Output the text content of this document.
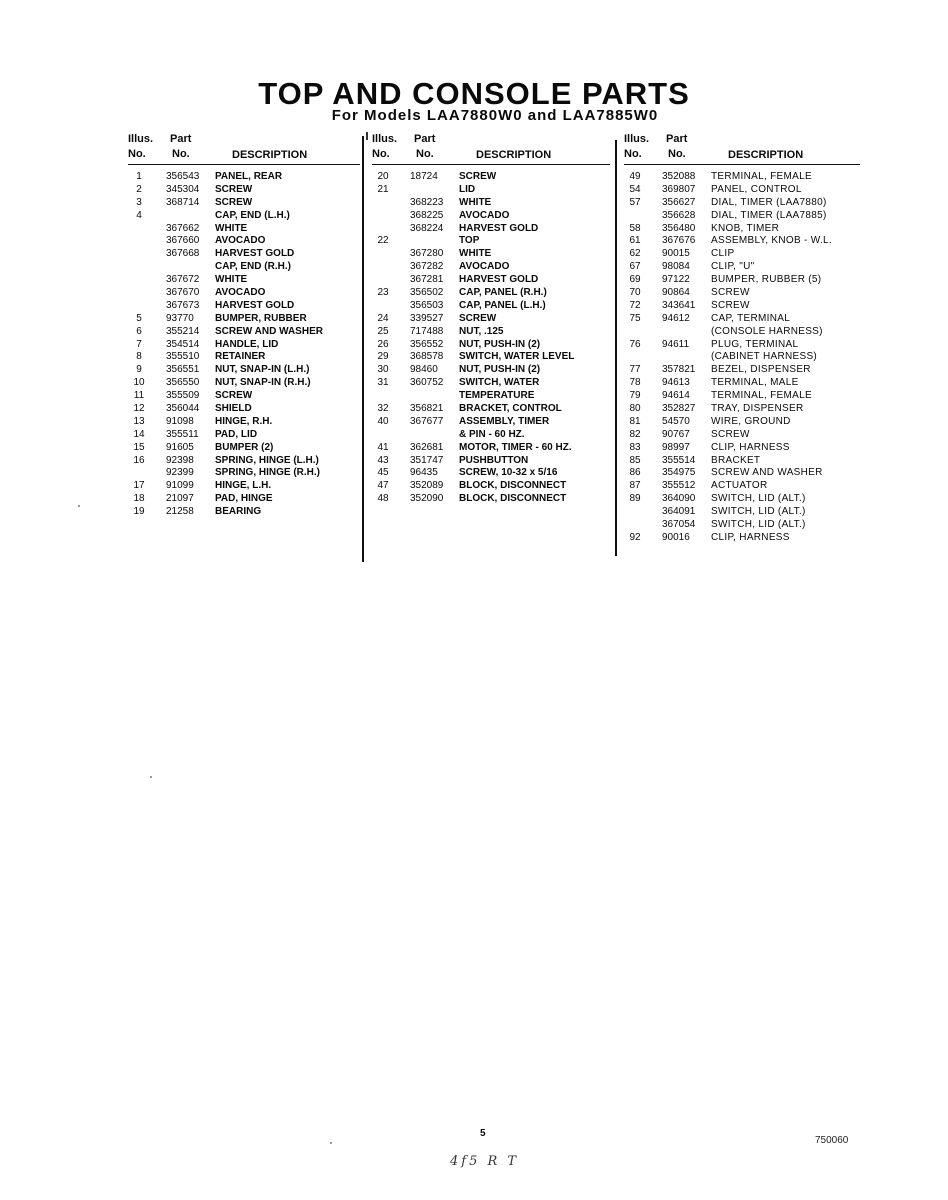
TOP AND CONSOLE PARTS
For Models LAA7880W0 and LAA7885W0
Illus. Part
No. No.	DESCRIPTION
1	356543 PANEL, REAR
2	345304 SCREW
3	368714 SCREW
4	CAP, END (L.H.)
367662 WHITE
367660 AVOCADO
367668 HARVEST GOLD
CAP, END (R.H.)
367672 WHITE
367670 AVOCADO
367673 HARVEST GOLD
5	93770 BUMPER, RUBBER
6	355214 SCREW AND WASHER
7	354514 HANDLE, LID
8	355510 RETAINER
9	356551 NUT, SNAP-IN (L.H.)
10	356550 NUT, SNAP-IN (R.H.)
11	355509 SCREW
12	356044 SHIELD
13	91098 HINGE, R.H.
14	355511 PAD, LID
15	91605 BUMPER (2)
16	92398 SPRING, HINGE (L.H.)
92399 SPRING, HINGE (R.H.)
17	91099 HINGE, L.H.
18	21097 PAD, HINGE
19	21258 BEARING
Illus. Part
No. No.	DESCRIPTION
20	18724 SCREW
21	LID
368223 WHITE
368225 AVOCADO
368224 HARVEST GOLD
22	TOP
367280 WHITE
367282 AVOCADO
367281 HARVEST GOLD
23	356502 CAP, PANEL (R.H.)
356503 CAP, PANEL (L.H.)
24	339527 SCREW
25	717488 NUT, .125
26	356552 NUT, PUSH-IN (2)
29	368578 SWITCH, WATER LEVEL
30	98460 NUT, PUSH-IN (2)
31	360752 SWITCH, WATER
TEMPERATURE
32	356821 BRACKET, CONTROL
40	367677 ASSEMBLY, TIMER
& PIN - 60 HZ.
41	362681 MOTOR, TIMER - 60 HZ.
43	351747 PUSHBUTTON
45	96435 SCREW, 10-32 x 5/16
47	352089 BLOCK, DISCONNECT
48	352090 BLOCK, DISCONNECT
Illus. Part
No. No.	DESCRIPTION
49	352088 TERMINAL, FEMALE
54	369807 PANEL, CONTROL
57	356627 DIAL, TIMER (LAA7880)
356628 DIAL, TIMER (LAA7885)
58	356480 KNOB, TIMER
61	367676 ASSEMBLY, KNOB - W.L.
62	90015 CLIP
67	98084 CLIP, "U"
69	97122 BUMPER, RUBBER (5)
70	90864 SCREW
72	343641 SCREW
75	94612 CAP, TERMINAL
(CONSOLE HARNESS)
76	94611 PLUG, TERMINAL
(CABINET HARNESS)
77	357821 BEZEL, DISPENSER
78	94613 TERMINAL, MALE
79	94614 TERMINAL, FEMALE
80	352827 TRAY, DISPENSER
81	54570 WIRE, GROUND
82	90767 SCREW
83	98997 CLIP, HARNESS
85	355514 BRACKET
86	354975 SCREW AND WASHER
87	355512 ACTUATOR
89	364090 SWITCH, LID (ALT.)
364091 SWITCH, LID (ALT.)
367054 SWITCH, LID (ALT.)
92	90016 CLIP, HARNESS
5
750060
4f5 R T
